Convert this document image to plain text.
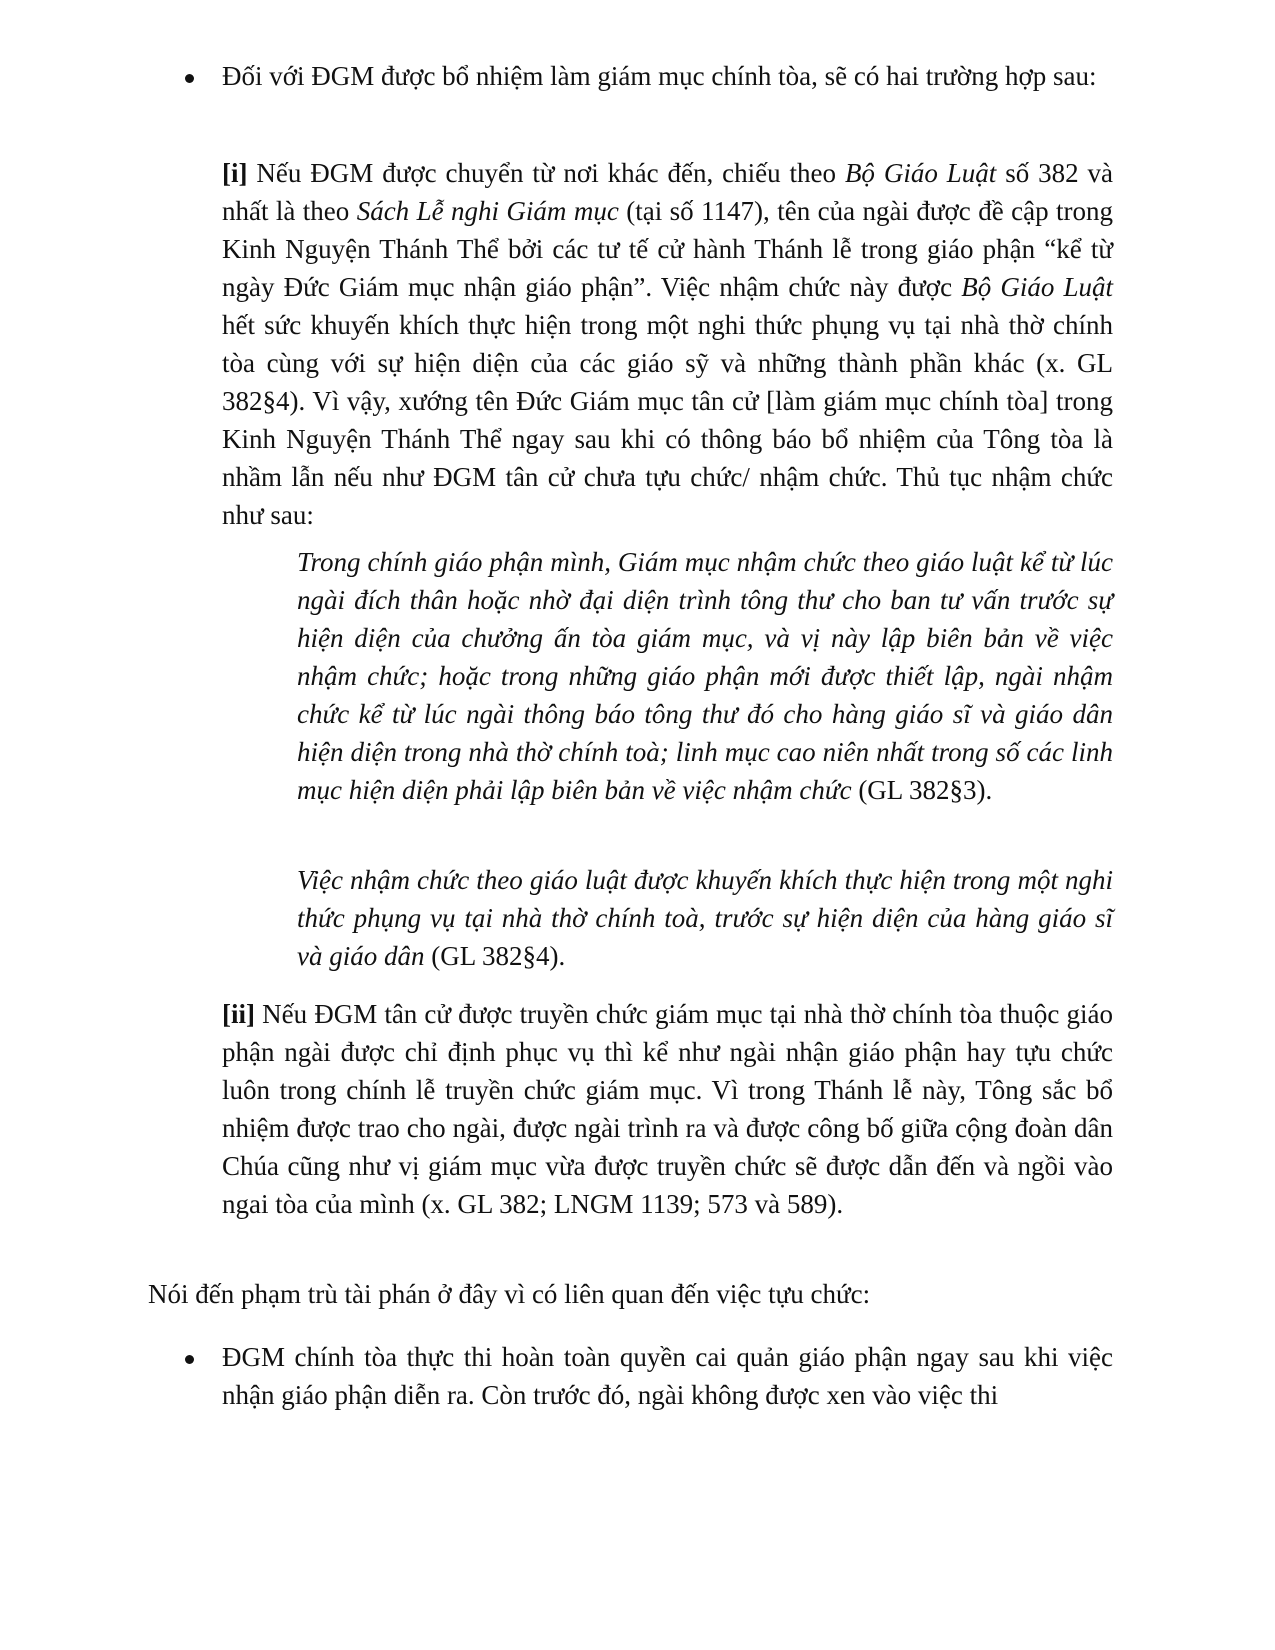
Đối với ĐGM được bổ nhiệm làm giám mục chính tòa, sẽ có hai trường hợp sau:

[i] Nếu ĐGM được chuyển từ nơi khác đến, chiếu theo Bộ Giáo Luật số 382 và nhất là theo Sách Lễ nghi Giám mục (tại số 1147), tên của ngài được đề cập trong Kinh Nguyện Thánh Thể bởi các tư tế cử hành Thánh lễ trong giáo phận “kể từ ngày Đức Giám mục nhận giáo phận”. Việc nhậm chức này được Bộ Giáo Luật hết sức khuyến khích thực hiện trong một nghi thức phụng vụ tại nhà thờ chính tòa cùng với sự hiện diện của các giáo sỹ và những thành phần khác (x. GL 382§4). Vì vậy, xướng tên Đức Giám mục tân cử [làm giám mục chính tòa] trong Kinh Nguyện Thánh Thể ngay sau khi có thông báo bổ nhiệm của Tông tòa là nhầm lẫn nếu như ĐGM tân cử chưa tựu chức/ nhậm chức. Thủ tục nhậm chức như sau:

Trong chính giáo phận mình, Giám mục nhậm chức theo giáo luật kể từ lúc ngài đích thân hoặc nhờ đại diện trình tông thư cho ban tư vấn trước sự hiện diện của chưởng ấn tòa giám mục, và vị này lập biên bản về việc nhậm chức; hoặc trong những giáo phận mới được thiết lập, ngài nhậm chức kể từ lúc ngài thông báo tông thư đó cho hàng giáo sĩ và giáo dân hiện diện trong nhà thờ chính toà; linh mục cao niên nhất trong số các linh mục hiện diện phải lập biên bản về việc nhậm chức (GL 382§3).

Việc nhậm chức theo giáo luật được khuyến khích thực hiện trong một nghi thức phụng vụ tại nhà thờ chính toà, trước sự hiện diện của hàng giáo sĩ và giáo dân (GL 382§4).

[ii] Nếu ĐGM tân cử được truyền chức giám mục tại nhà thờ chính tòa thuộc giáo phận ngài được chỉ định phục vụ thì kể như ngài nhận giáo phận hay tựu chức luôn trong chính lễ truyền chức giám mục. Vì trong Thánh lễ này, Tông sắc bổ nhiệm được trao cho ngài, được ngài trình ra và được công bố giữa cộng đoàn dân Chúa cũng như vị giám mục vừa được truyền chức sẽ được dẫn đến và ngồi vào ngai tòa của mình (x. GL 382; LNGM 1139; 573 và 589).

Nói đến phạm trù tài phán ở đây vì có liên quan đến việc tựu chức:

ĐGM chính tòa thực thi hoàn toàn quyền cai quản giáo phận ngay sau khi việc nhận giáo phận diễn ra. Còn trước đó, ngài không được xen vào việc thi
